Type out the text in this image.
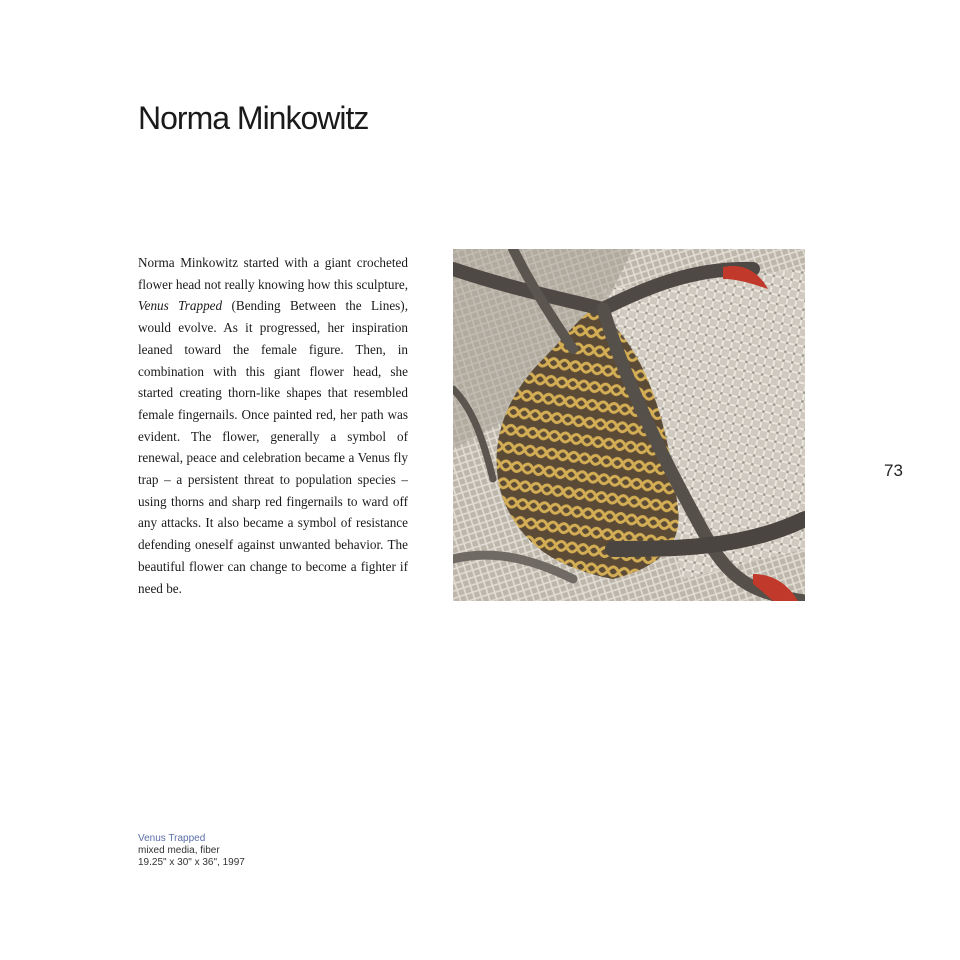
Norma Minkowitz

Norma Minkowitz started with a giant crocheted flower head not really knowing how this sculpture, Venus Trapped (Bending Between the Lines), would evolve. As it progressed, her inspiration leaned toward the female figure. Then, in combination with this giant flower head, she started creating thorn-like shapes that resembled female fingernails. Once painted red, her path was evident. The flower, generally a symbol of renewal, peace and celebration became a Venus fly trap – a persistent threat to population species –using thorns and sharp red fingernails to ward off any attacks. It also became a symbol of resistance defending oneself against unwanted behavior. The beautiful flower can change to become a fighter if need be.

73
Venus Trapped
mixed media, fiber
19.25" x 30" x 36", 1997
